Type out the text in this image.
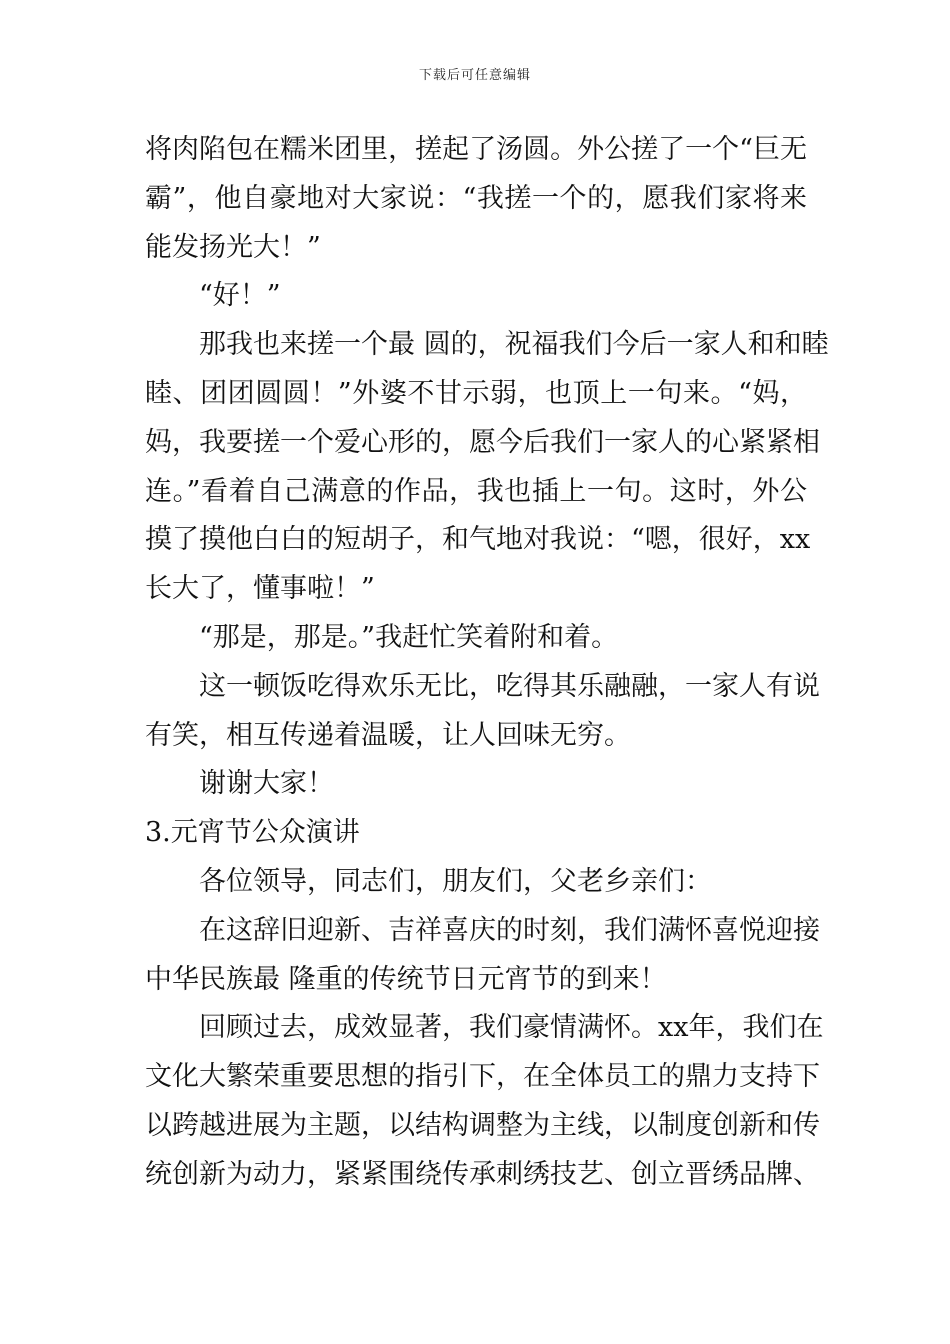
下载后可任意编辑
将肉陷包在糯米团里，搓起了汤圆。外公搓了一个“巨无
霸”，他自豪地对大家说：“我搓一个的，愿我们家将来
能发扬光大！”
“好！”
那我也来搓一个最 圆的，祝福我们今后一家人和和睦
睦、团团圆圆！”外婆不甘示弱，也顶上一句来。“妈，
妈，我要搓一个爱心形的，愿今后我们一家人的心紧紧相
连。”看着自己满意的作品，我也插上一句。这时，外公
摸了摸他白白的短胡子，和气地对我说：“嗯，很好，xx
长大了，懂事啦！”
“那是，那是。”我赶忙笑着附和着。
这一顿饭吃得欢乐无比，吃得其乐融融，一家人有说
有笑，相互传递着温暖，让人回味无穷。
谢谢大家！
3.元宵节公众演讲
各位领导，同志们，朋友们，父老乡亲们：
在这辞旧迎新、吉祥喜庆的时刻，我们满怀喜悦迎接
中华民族最 隆重的传统节日元宵节的到来！
回顾过去，成效显著，我们豪情满怀。xx年，我们在
文化大繁荣重要思想的指引下，在全体员工的鼎力支持下
以跨越进展为主题，以结构调整为主线，以制度创新和传
统创新为动力，紧紧围绕传承刺绣技艺、创立晋绣品牌、
